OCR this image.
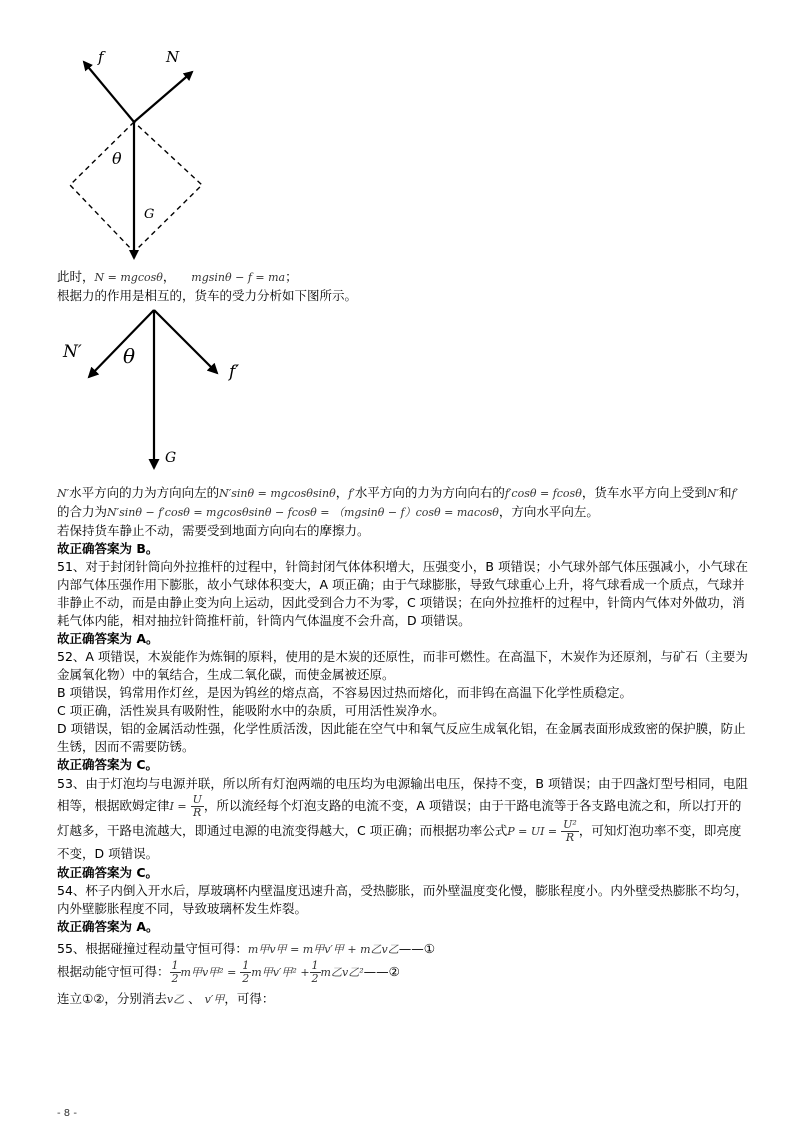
f	N
θ
G

此时，N = mgcosθ， mgsinθ − f = ma；

根据力的作用是相互的，货车的受力分析如下图所示。

N′ θ
f′
G

N′水平方向的力为方向向左的N′sinθ = mgcosθsinθ，f′水平方向的力为方向向右的f′cosθ = fcosθ，货车水平方向上受到N′和f′的合力为N′sinθ − f′cosθ = mgcosθsinθ − fcosθ = （mgsinθ − f）cosθ = macosθ，方向水平向左。

若保持货车静止不动，需要受到地面方向向右的摩擦力。

故正确答案为 B。

51、对于封闭针筒向外拉推杆的过程中，针筒封闭气体体积增大，压强变小，B 项错误；小气球外部气体压强减小，小气球在内部气体压强作用下膨胀，故小气球体积变大，A 项正确；由于气球膨胀，导致气球重心上升，将气球看成一个质点，气球并非静止不动，而是由静止变为向上运动，因此受到合力不为零，C 项错误；在向外拉推杆的过程中，针筒内气体对外做功，消耗气体内能，相对抽拉针筒推杆前，针筒内气体温度不会升高，D 项错误。

故正确答案为 A。

52、A 项错误，木炭能作为炼铜的原料，使用的是木炭的还原性，而非可燃性。在高温下，木炭作为还原剂，与矿石（主要为金属氧化物）中的氧结合，生成二氧化碳，而使金属被还原。

B 项错误，钨常用作灯丝，是因为钨丝的熔点高，不容易因过热而熔化，而非钨在高温下化学性质稳定。

C 项正确，活性炭具有吸附性，能吸附水中的杂质，可用活性炭净水。

D 项错误，铝的金属活动性强，化学性质活泼，因此能在空气中和氧气反应生成氧化铝，在金属表面形成致密的保护膜，防止生锈，因而不需要防锈。

故正确答案为 C。

53、由于灯泡均与电源并联，所以所有灯泡两端的电压均为电源输出电压，保持不变，B 项错误；由于四盏灯型号相同，电阻相等，根据欧姆定律$I = \frac{U}{R}$ ，所以流经每个灯泡支路的电流不变，A 项错误；由于干路电流等于各支路电流之和，所以打开的灯越多，干路电流越大，即通过电源的电流变得越大，C 项正确；而根据功率公式P = UI = $\frac{\text{U²}}{R}$ ，可知灯泡功率不变，即亮度不变，D 项错误。

故正确答案为 C。

54、杯子内倒入开水后，厚玻璃杯内壁温度迅速升高，受热膨胀，而外壁温度变化慢，膨胀程度小。内外壁受热膨胀不均匀，内外壁膨胀程度不同，导致玻璃杯发生炸裂。

故正确答案为 A。

55、根据碰撞过程动量守恒可得：m甲v甲 = m甲v′甲 + m乙v乙——①

根据动能守恒可得： $\frac{1}{2}$ m甲v甲$^2 = \frac{1}{2}$ m甲v′甲$^2 + \frac{1}{2}$ m乙v乙²——②

连立①②，分别消去v乙 、 v′甲，可得：

- 8 -
